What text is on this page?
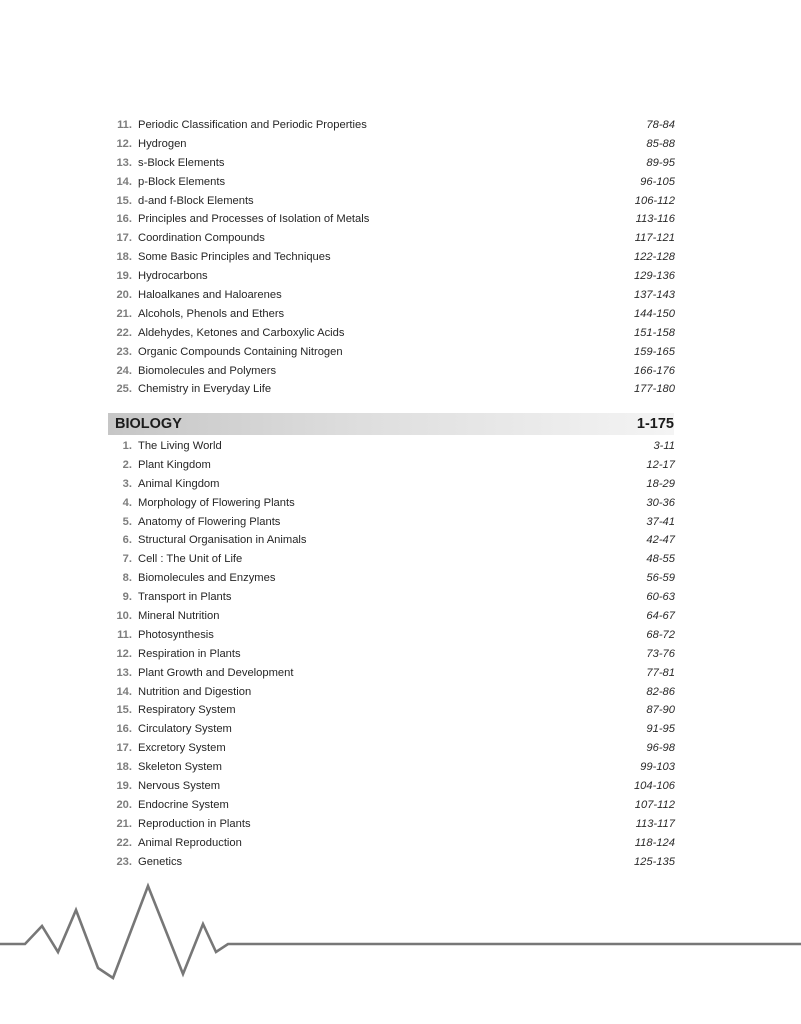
11. Periodic Classification and Periodic Properties	78-84
12. Hydrogen	85-88
13. s-Block Elements	89-95
14. p-Block Elements	96-105
15. d-and f-Block Elements	106-112
16. Principles and Processes of Isolation of Metals	113-116
17. Coordination Compounds	117-121
18. Some Basic Principles and Techniques	122-128
19. Hydrocarbons	129-136
20. Haloalkanes and Haloarenes	137-143
21. Alcohols, Phenols and Ethers	144-150
22. Aldehydes, Ketones and Carboxylic Acids	151-158
23. Organic Compounds Containing Nitrogen	159-165
24. Biomolecules and Polymers	166-176
25. Chemistry in Everyday Life	177-180
BIOLOGY	1-175
1. The Living World	3-11
2. Plant Kingdom	12-17
3. Animal Kingdom	18-29
4. Morphology of Flowering Plants	30-36
5. Anatomy of Flowering Plants	37-41
6. Structural Organisation in Animals	42-47
7. Cell : The Unit of Life	48-55
8. Biomolecules and Enzymes	56-59
9. Transport in Plants	60-63
10. Mineral Nutrition	64-67
11. Photosynthesis	68-72
12. Respiration in Plants	73-76
13. Plant Growth and Development	77-81
14. Nutrition and Digestion	82-86
15. Respiratory System	87-90
16. Circulatory System	91-95
17. Excretory System	96-98
18. Skeleton System	99-103
19. Nervous System	104-106
20. Endocrine System	107-112
21. Reproduction in Plants	113-117
22. Animal Reproduction	118-124
23. Genetics	125-135
